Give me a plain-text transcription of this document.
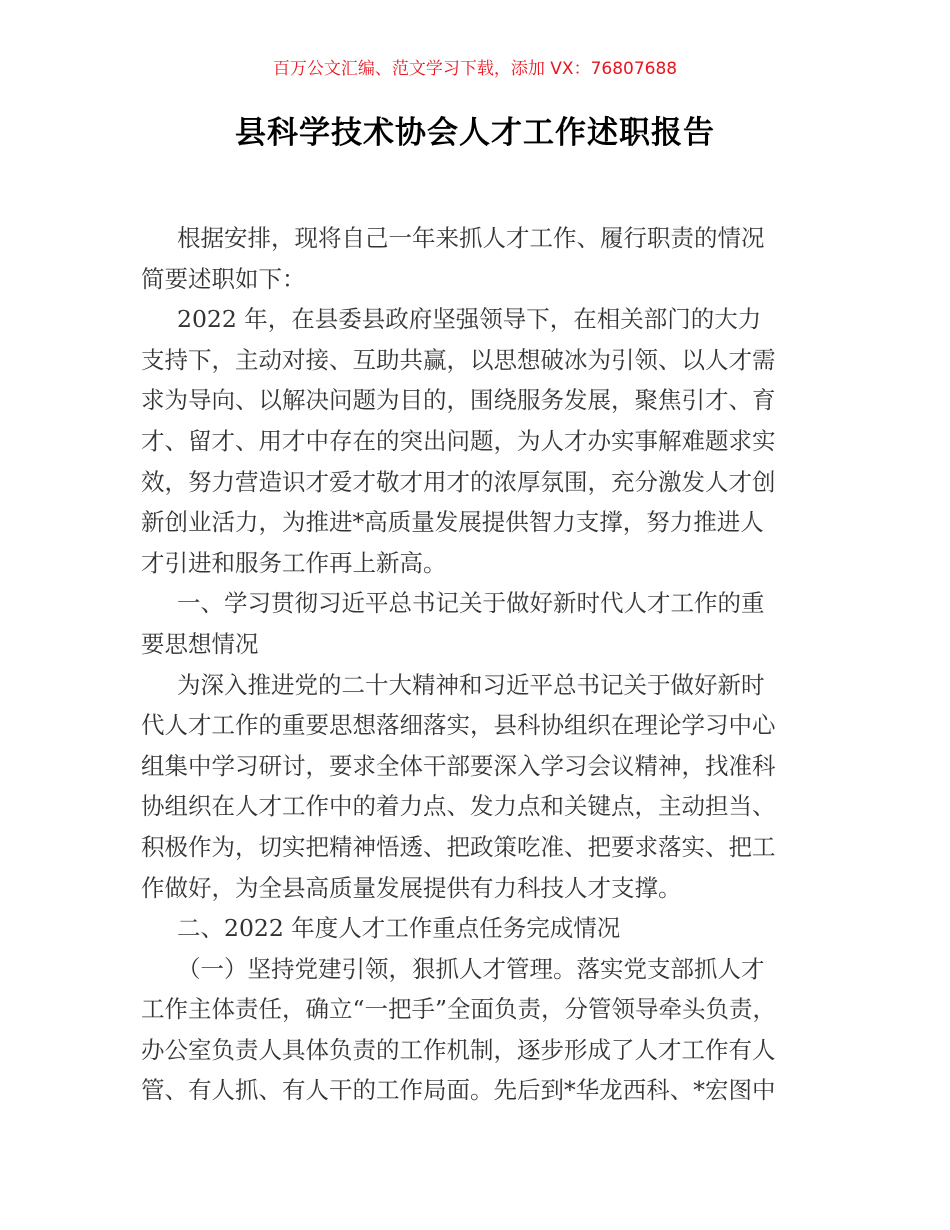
百万公文汇编、范文学习下载，添加 VX：76807688
县科学技术协会人才工作述职报告
根据安排，现将自己一年来抓人才工作、履行职责的情况
简要述职如下：
2022 年，在县委县政府坚强领导下，在相关部门的大力
支持下，主动对接、互助共赢，以思想破冰为引领、以人才需
求为导向、以解决问题为目的，围绕服务发展，聚焦引才、育
才、留才、用才中存在的突出问题，为人才办实事解难题求实
效，努力营造识才爱才敬才用才的浓厚氛围，充分激发人才创
新创业活力，为推进*高质量发展提供智力支撑，努力推进人
才引进和服务工作再上新高。
一、学习贯彻习近平总书记关于做好新时代人才工作的重
要思想情况
为深入推进党的二十大精神和习近平总书记关于做好新时
代人才工作的重要思想落细落实，县科协组织在理论学习中心
组集中学习研讨，要求全体干部要深入学习会议精神，找准科
协组织在人才工作中的着力点、发力点和关键点，主动担当、
积极作为，切实把精神悟透、把政策吃准、把要求落实、把工
作做好，为全县高质量发展提供有力科技人才支撑。
二、2022 年度人才工作重点任务完成情况
（一）坚持党建引领，狠抓人才管理。落实党支部抓人才
工作主体责任，确立“一把手”全面负责，分管领导牵头负责，
办公室负责人具体负责的工作机制，逐步形成了人才工作有人
管、有人抓、有人干的工作局面。先后到*华龙西科、*宏图中
